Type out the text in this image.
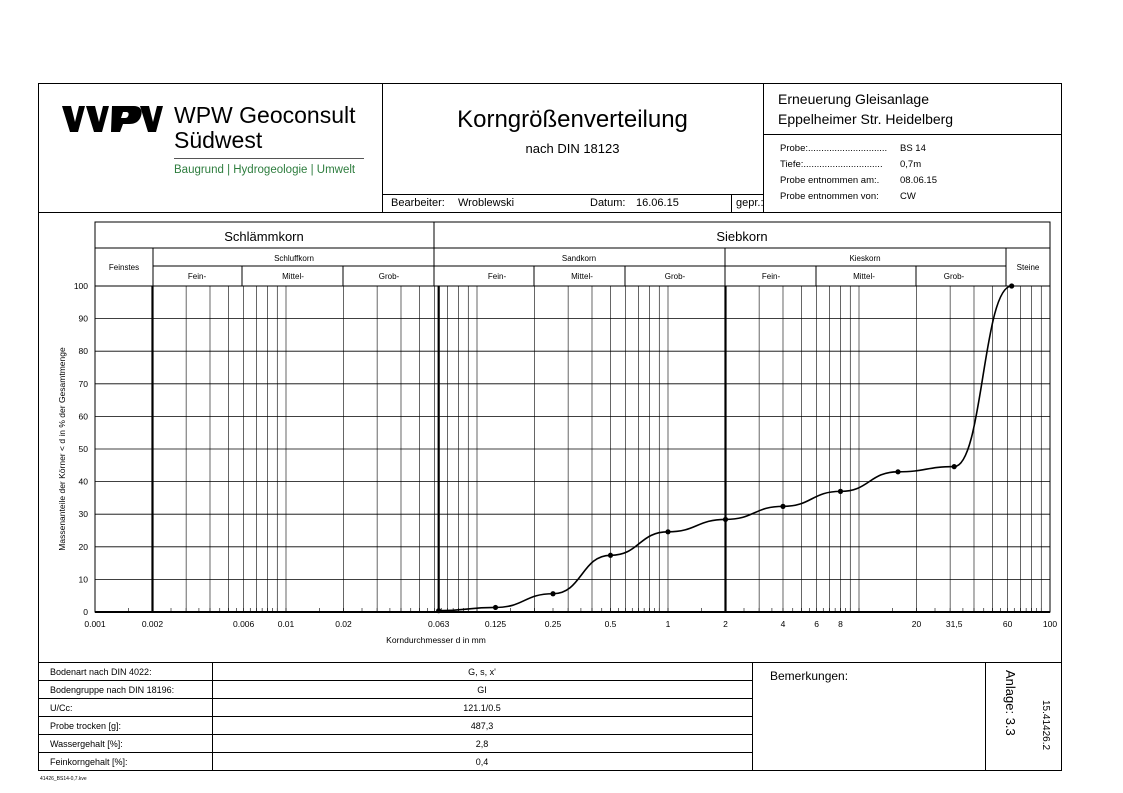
WPW Geoconsult
Südwest
Baugrund | Hydrogeologie | Umwelt
Korngrößenverteilung
nach DIN 18123
Bearbeiter: Wroblewski	Datum: 16.06.15	gepr.:
Erneuerung Gleisanlage
Eppelheimer Str. Heidelberg
Probe:.............................. BS 14
Tiefe:.............................. 0,7m
Probe entnommen am:. 08.06.15
Probe entnommen von: CW
Schlämmkorn	Siebkorn
Feinstes
Schluffkorn	Sandkorn	Kieskorn
Steine
Fein-	Mittel-	Grob-	Fein-	Mittel-	Grob-	Fein-	Mittel-	Grob-
0.001	0.002	0.006	0.01	0.02	0.063	0.125	0.25	0.5	1	2	4	6 8	20	31,5	60	100
0
10
20
30
40
50
60
70
80
90
100
Korndurchmesser d in mm
Massenanteile der Körner < d in % der Gesamtmenge
Bodenart nach DIN 4022:	G, s, x'
Bodengruppe nach DIN 18196:	GI
U/Cc:	121.1/0.5
Probe trocken [g]:	487,3
Wassergehalt [%]:	2,8
Feinkorngehalt [%]:	0,4
Bemerkungen:	Anlage: 3.3 15.41426.2
41426_BS14-0,7.kve
